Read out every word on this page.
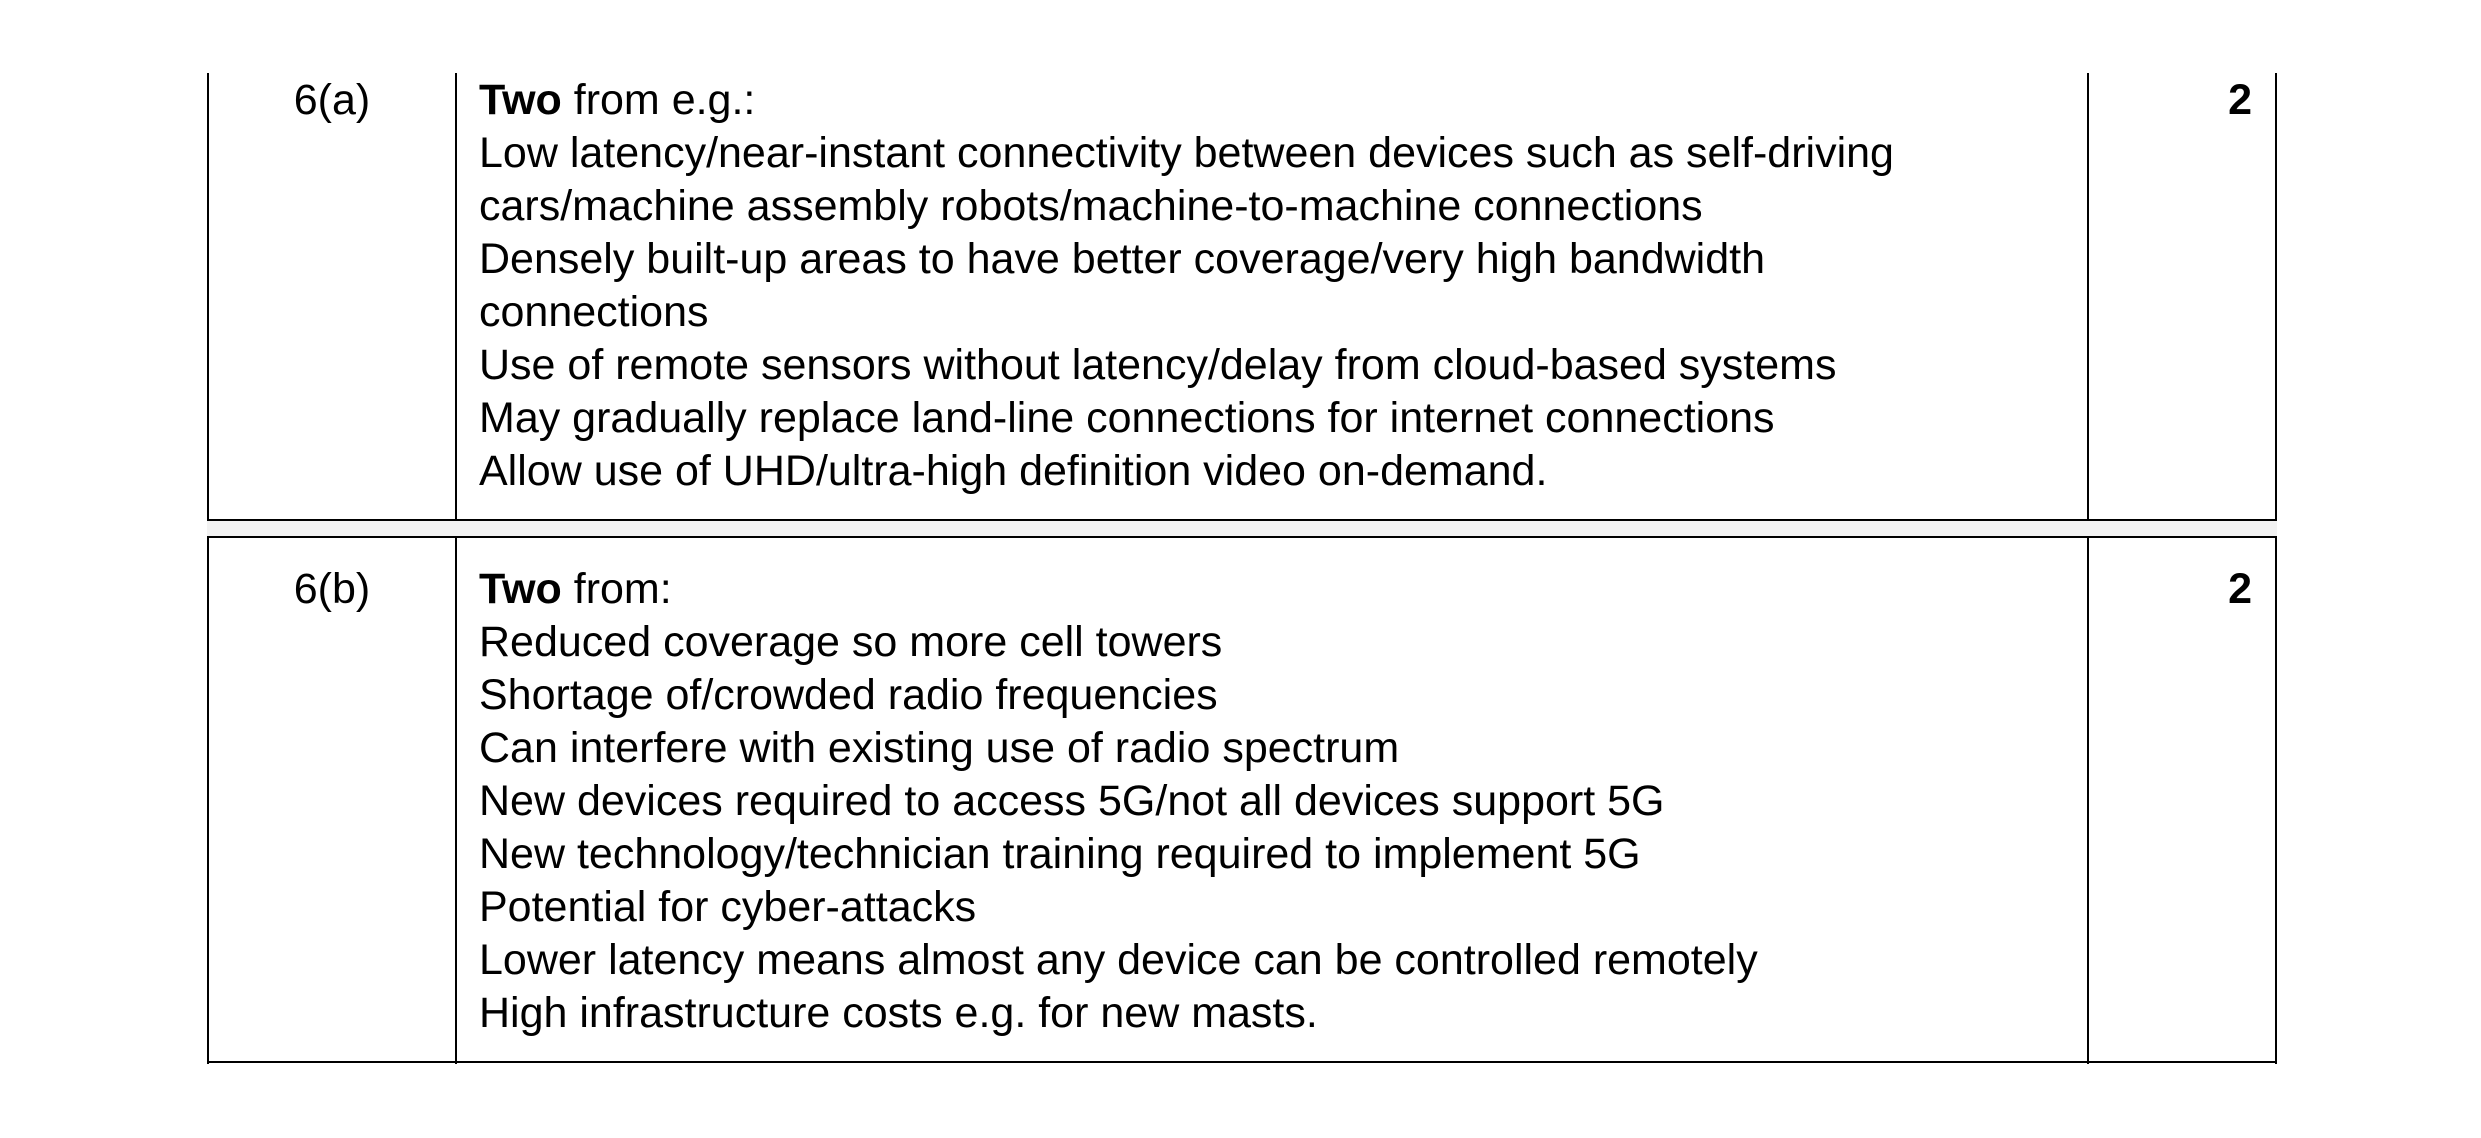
6(a)	Two from e.g.:
Low latency/near-instant connectivity between devices such as self-driving
cars/machine assembly robots/machine-to-machine connections
Densely built-up areas to have better coverage/very high bandwidth
connections
Use of remote sensors without latency/delay from cloud-based systems
May gradually replace land-line connections for internet connections
Allow use of UHD/ultra-high definition video on-demand.
2
6(b)	Two from:
Reduced coverage so more cell towers
Shortage of/crowded radio frequencies
Can interfere with existing use of radio spectrum
New devices required to access 5G/not all devices support 5G
New technology/technician training required to implement 5G
Potential for cyber-attacks
Lower latency means almost any device can be controlled remotely
High infrastructure costs e.g. for new masts.
2
